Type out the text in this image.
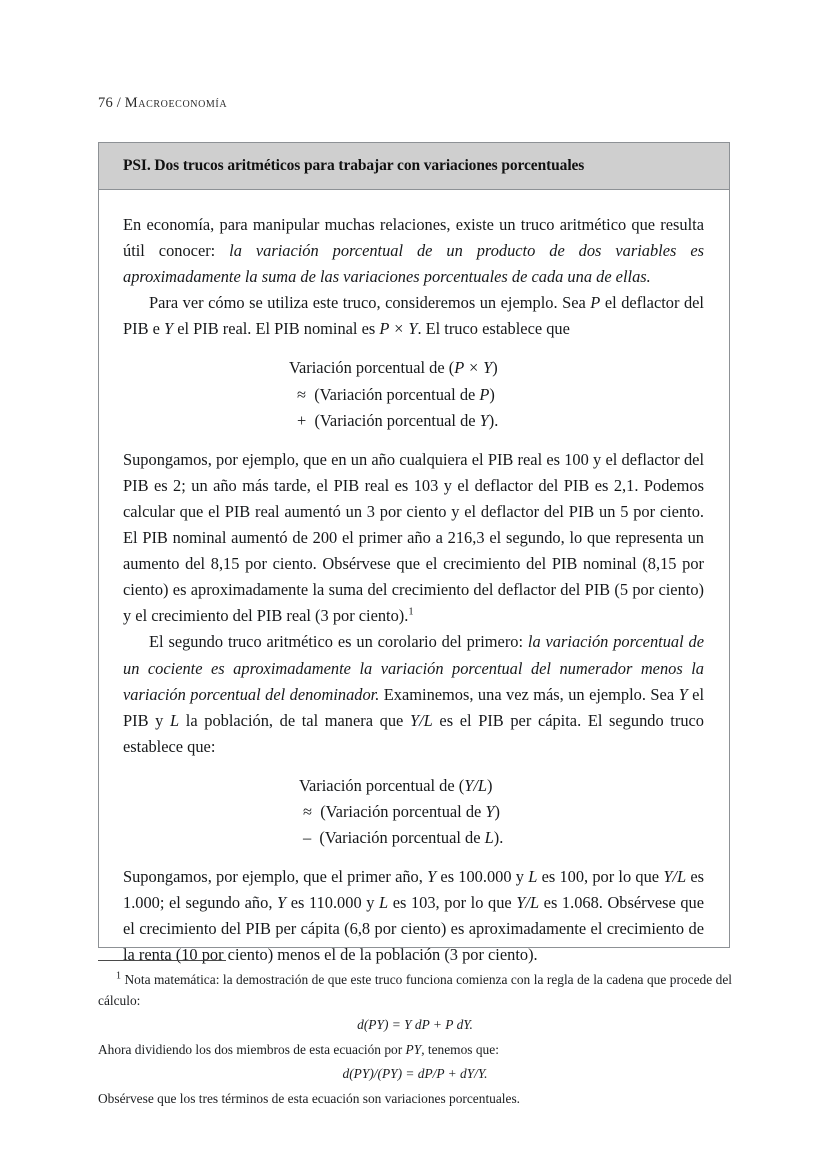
76 / Macroeconomía
PSI. Dos trucos aritméticos para trabajar con variaciones porcentuales

En economía, para manipular muchas relaciones, existe un truco aritmético que resulta útil conocer: la variación porcentual de un producto de dos variables es aproximadamente la suma de las variaciones porcentuales de cada una de ellas.

Para ver cómo se utiliza este truco, consideremos un ejemplo. Sea P el deflactor del PIB e Y el PIB real. El PIB nominal es P × Y. El truco establece que

Variación porcentual de (P × Y)
≈ (Variación porcentual de P)
+ (Variación porcentual de Y).

Supongamos, por ejemplo, que en un año cualquiera el PIB real es 100 y el deflactor del PIB es 2; un año más tarde, el PIB real es 103 y el deflactor del PIB es 2,1. Podemos calcular que el PIB real aumentó un 3 por ciento y el deflactor del PIB un 5 por ciento. El PIB nominal aumentó de 200 el primer año a 216,3 el segundo, lo que representa un aumento del 8,15 por ciento. Obsérvese que el crecimiento del PIB nominal (8,15 por ciento) es aproximadamente la suma del crecimiento del deflactor del PIB (5 por ciento) y el crecimiento del PIB real (3 por ciento).$^1$

El segundo truco aritmético es un corolario del primero: la variación porcentual de un cociente es aproximadamente la variación porcentual del numerador menos la variación porcentual del denominador. Examinemos, una vez más, un ejemplo. Sea Y el PIB y L la población, de tal manera que Y/L es el PIB per cápita. El segundo truco establece que:

Variación porcentual de (Y/L)
≈ (Variación porcentual de Y)
– (Variación porcentual de L).

Supongamos, por ejemplo, que el primer año, Y es 100.000 y L es 100, por lo que Y/L es 1.000; el segundo año, Y es 110.000 y L es 103, por lo que Y/L es 1.068. Obsérvese que el crecimiento del PIB per cápita (6,8 por ciento) es aproximadamente el crecimiento de la renta (10 por ciento) menos el de la población (3 por ciento).

$^1$ Nota matemática: la demostración de que este truco funciona comienza con la regla de la cadena que procede del cálculo:

d(PY) = Y dP + P dY.

Ahora dividiendo los dos miembros de esta ecuación por PY, tenemos que:

d(PY)/(PY) = dP/P + dY/Y.

Obsérvese que los tres términos de esta ecuación son variaciones porcentuales.
